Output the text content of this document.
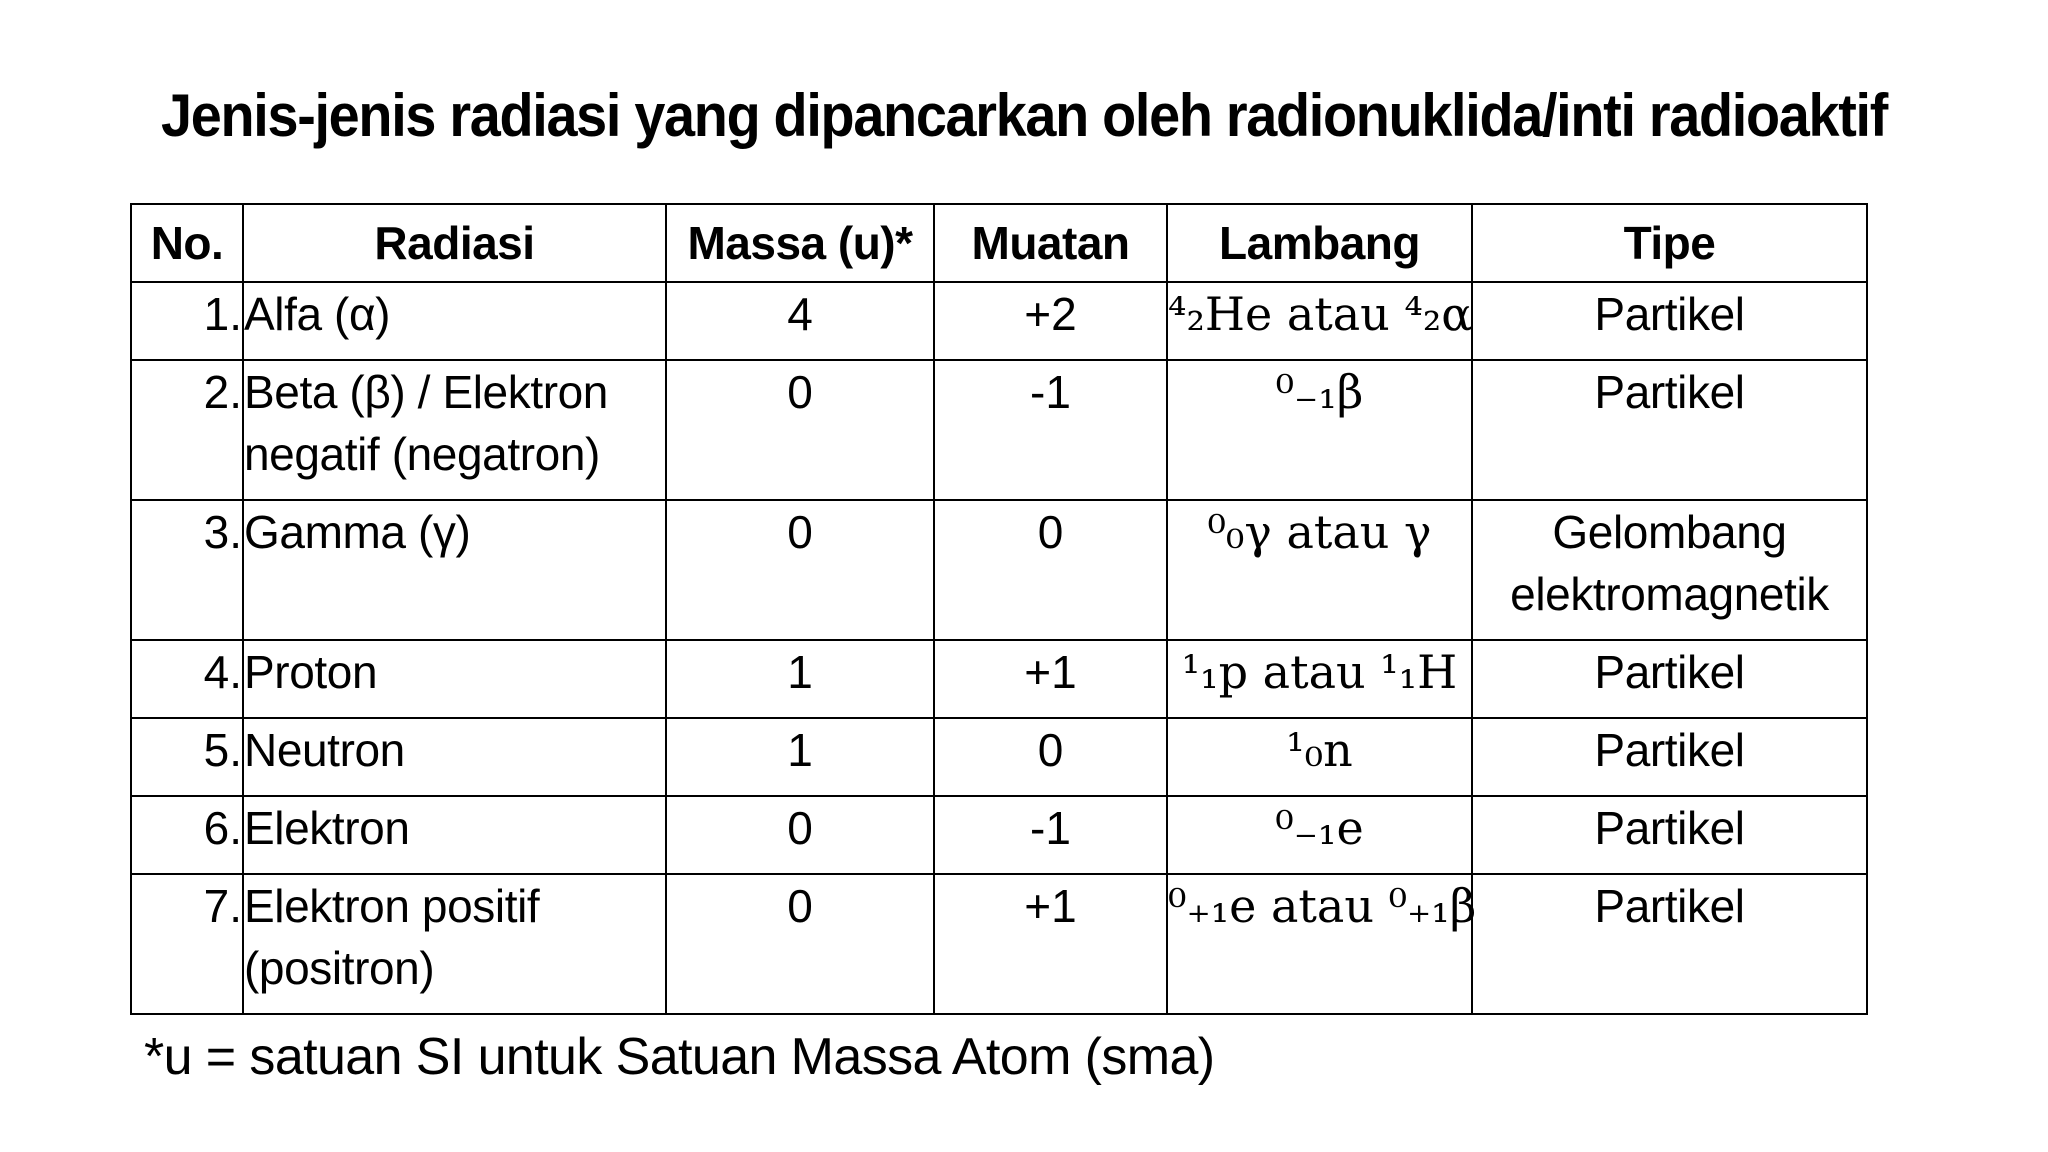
Jenis-jenis radiasi yang dipancarkan oleh radionuklida/inti radioaktif
No.	Radiasi	Massa (u)*	Muatan	Lambang	Tipe
1.	Alfa (α)	4	+2	⁴₂He atau ⁴₂α	Partikel
2.	Beta (β) / Elektron negatif (negatron)	0	-1	⁰₋₁β	Partikel
3.	Gamma (γ)	0	0	⁰₀γ atau γ	Gelombang elektromagnetik
4.	Proton	1	+1	¹₁p atau ¹₁H	Partikel
5.	Neutron	1	0	¹₀n	Partikel
6.	Elektron	0	-1	⁰₋₁e	Partikel
7.	Elektron positif (positron)	0	+1	⁰₊₁e atau ⁰₊₁β	Partikel

*u = satuan SI untuk Satuan Massa Atom (sma)
